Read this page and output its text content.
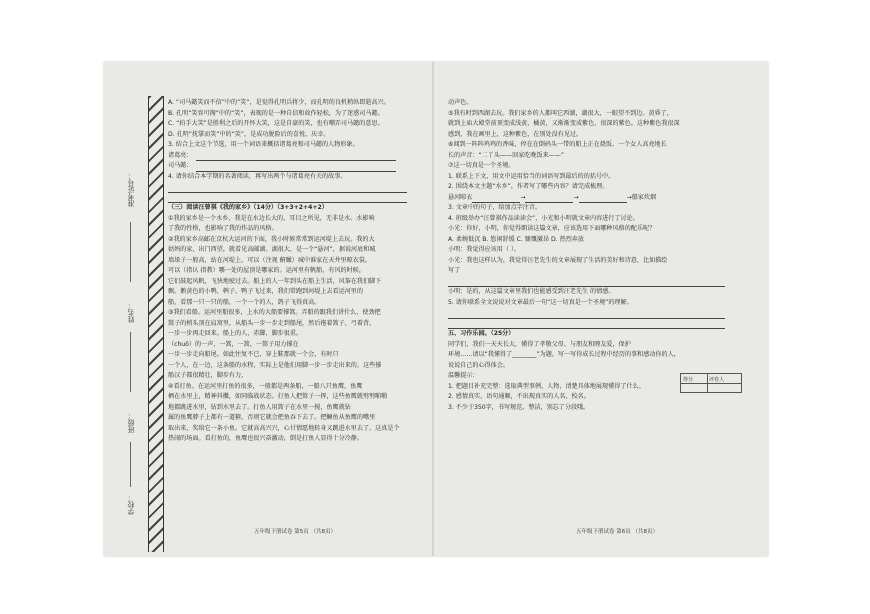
准考证号：
姓名：
班级：
学校：
A. “司马懿笑而不信”中的“笑”，是觉得孔明兵将少，而孔明的良机稍纵即逝高兴。
B. 孔明“笑容可掬”中的“笑”，表现的是一种自信和故作轻松，为了迷惑司马懿。
C. “拍手大笑”是胜利之后的开怀大笑，这是自豪的笑，也有嘲弄司马懿的意思。
D. 孔明“抚掌而笑”中的“笑”，是成功脱险后的喜悦、庆幸。
3. 结合上文这个节选，用一个词语来概括诸葛亮和司马懿的人物形象。
诸葛亮：
司马懿：
4. 请你结合本学期的名著阅读，再写出两个与诸葛亮有关的故事。
（三）阅读汪曾祺《我的家乡》（14分）（3+3+2+4+2）
①我的家乡是一个水乡，我是在水边长大的，耳目之所见，无非是水。水影响
了我的性格，也影响了我的作品的风格。
②我的家乡高邮在京杭大运河的下面，我小时候常常到运河堤上去玩。我的大
姑妈的家，出门西望，就看见高邮湖。湖很大，是一个“悬河”，据说河底和城
墙垛子一般高，站在河堤上，可以（注视 俯瞰）城中谁家在天井里晾衣裳。
可以（指认 指教）哪一处的屋顶是哪家的。运河里有帆船，有风的时候，
它们鼓起风帆，飞快地驶过去。船上的人一年到头在船上生活，风筝在我们脚下
飘。鹅黄色的小鸭，鹌子、鸭子飞过来，我们常跑到河堤上去看运河里的
船，看那一只一只的船，一个一个的人，鸽子飞得真高。
③我们看船。运河里船很多，上水的大船要撑篙。弄船的跟我们讲什么，使劲把
篙子的梢头顶在肩窝里，从船头一步一步走到船尾，然后拖着篙子，弓着背，
一步一步再走回来。船上的人，赤脚，脚步很重。
（chuō）的一声，一篙，一篙，一篙子用力撑在
一步一步走向船尾。如此往复不已，穿上鞋那就一个会，有时只
一个人，在一边，这条船的水程，实际上是他们用脚一步一步走出来的。这些撑
船汉子都很精壮，脚步有力，
④看打鱼。在运河里打鱼的很多，一般都是两条船，一船八只鱼鹰，鱼鹰
栖在水里上，精神抖擞，如同临战状态。打鱼人把篙子一挥，这些鱼鹰就劈劈啪啪
地都跳进水里，钻到水里去了。打鱼人用篙子在水里一搅，鱼鹰就钻
属的鱼鹰脖子上都有一道箍，否则它就会把鱼吞下去了。把鳜鱼从鱼鹰的嘴里
取出来，奖给它一条小鱼。它就高高兴兴，心甘情愿地转身又跳进水里去了。这真是个
热闹的场面。看打鱼的，鱼鹰也很兴奋激动，倒是打鱼人显得十分冷静。
动声色。
⑤我有时到西湖去玩。我们家乡的人都叫它西湖，湖很大，一眼望不到边。黄昏了，
就到上庙大殿堂前顶变成浅黄，橘黄，又渐渐变成紫色，很深的紫色。这种紫色我很深
感到，我在画里上，这种紫色，在别处没有见过。
⑥闻到一阵阵鸡鸡的香味，停在在倒码头一带的船上正在烧饭。一个女人高亮地长
长的声音：“二丫头——回家吃晚饭来——”
⑦这一切真是一个圣境。
1. 联系上下文，用文中运用恰当的词语写到最后的的括号中。
2. 围绕本文主题“水乡”，作者写了哪些内容？请完成梳理。
悬河晾衣	→	→	→船家炊烟
3. 文章中的句子，给加点字注音。
4. 班级举办“汪曾祺作品读读会”，小光和小明就文章内容进行了讨论。
小光：你好，小明，你觉得朗读这篇文章，应该选用下面哪种风格的配乐呢？
A. 柔婉低沉 B. 悠闲舒缓 C. 慷慨激昂 D. 热烈奔放
小明：我觉得应该用（ ）。
小光：我也这样认为，我觉得汪老先生的文章展现了生活的美好和诗意，比如描绘
写了
小明：是的，从这篇文章里我们也能感受到汪老先生 的情感。
5. 请你联系全文说说对文章最后一句“这一切真是一个圣境”的理解。
五、习作乐园。（25分）
同学们，我们一天天长大，懂得了孝敬父母、与朋友和睦友爱，保护
环境……请以“我懂得了________”为题，写一写你成长过程中经历的事和感动你的人，
说说自己的心得体会。
温馨提示：
1. 把题目补充完整：选取典型事例、人物，清楚具体地展现懂得了什么。
2. 感情真实，语句通顺，不出现真实的人名、校名。
3. 不少于350字，书写规范、整洁，别忘了分段哦。
得分	评卷人
五年级下册试卷 第5页 （共8页）	五年级下册试卷 第6页 （共8页）
